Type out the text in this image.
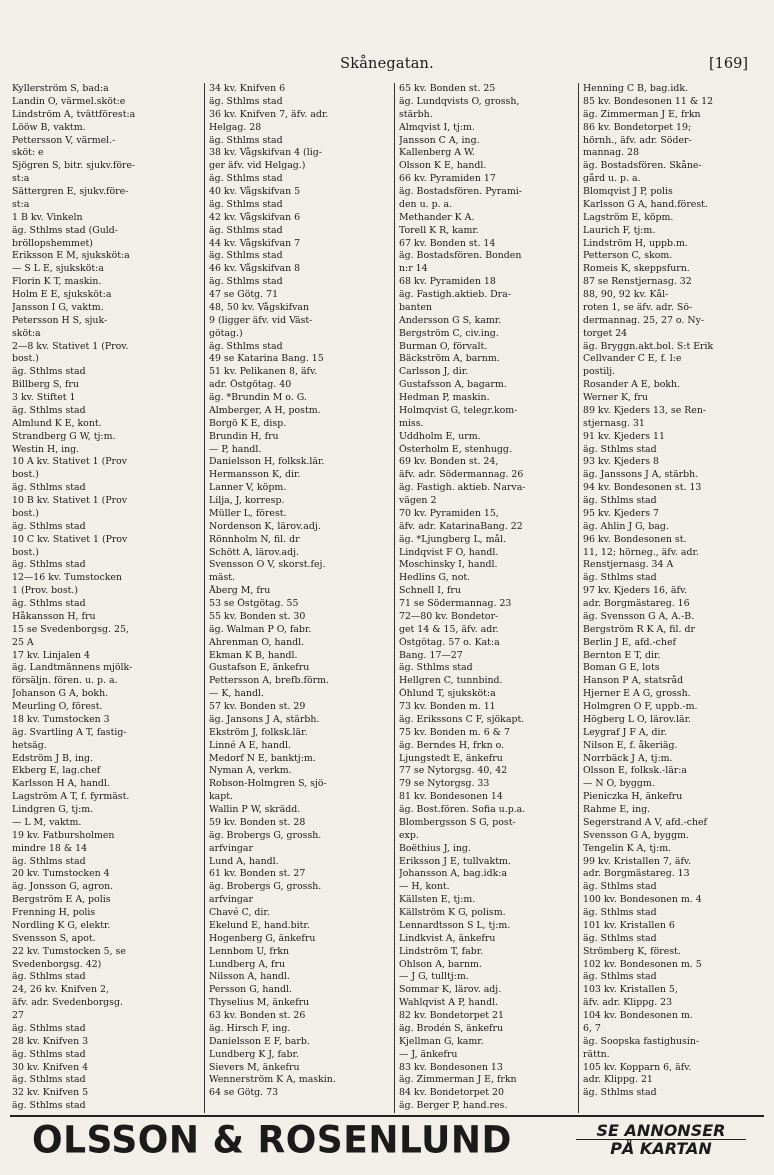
Skånegatan.	[169]
Kyllerström S, bad:a
Landin O, värmel.sköt:e
Lindström A, tvättförest:a
Lööw B, vaktm.
Pettersson V, värmel.-
sköt: e
Sjögren S, bitr. sjukv.före-
st:a
Sättergren E, sjukv.före-
st:a
1 B kv. Vinkeln
äg. Sthlms stad (Guld-
bröllopshemmet)
Eriksson E M, sjuksköt:a
— S L E, sjuksköt:a
Florin K T, maskin.
Holm E E, sjuksköt:a
Jansson I G, vaktm.
Petersson H S, sjuk-
sköt:a
2—8 kv. Stativet 1 (Prov.
bost.)
äg. Sthlms stad
Billberg S, fru
3 kv. Stiftet 1
äg. Sthlms stad
Almlund K E, kont.
Strandberg G W, tj:m.
Westin H, ing.
10 A kv. Stativet 1 (Prov
bost.)
äg. Sthlms stad
10 B kv. Stativet 1 (Prov
bost.)
äg. Sthlms stad
10 C kv. Stativet 1 (Prov
bost.)
äg. Sthlms stad
12—16 kv. Tumstocken
1 (Prov. bost.)
äg. Sthlms stad
Håkansson H, fru
15 se Svedenborgsg. 25,
25 A
17 kv. Linjalen 4
äg. Landtmännens mjölk-
försäljn. fören. u. p. a.
Johanson G A, bokh.
Meurling O, förest.
18 kv. Tumstocken 3
äg. Svartling A T, fastig-
hetsäg.
Edström J B, ing.
Ekberg E, lag.chef
Karlsson H A, handl.
Lagström A T, f. fyrmäst.
Lindgren G, tj:m.
— L M, vaktm.
19 kv. Fatbursholmen
mindre 18 & 14
äg. Sthlms stad
20 kv. Tumstocken 4
äg. Jonsson G, agron.
Bergström E A, polis
Frenning H, polis
Nordling K G, elektr.
Svensson S, apot.
22 kv. Tumstocken 5, se
Svedenborgsg. 42)
äg. Sthlms stad
24, 26 kv. Knifven 2,
äfv. adr. Svedenborgsg.
27
äg. Sthlms stad
28 kv. Knifven 3
äg. Sthlms stad
30 kv. Knifven 4
äg. Sthlms stad
32 kv. Knifven 5
äg. Sthlms stad
34 kv. Knifven 6
äg. Sthlms stad
36 kv. Knifven 7, äfv. adr.
Helgag. 28
äg. Sthlms stad
38 kv. Vågskifvan 4 (lig-
ger äfv. vid Helgag.)
äg. Sthlms stad
40 kv. Vågskifvan 5
äg. Sthlms stad
42 kv. Vågskifvan 6
äg. Sthlms stad
44 kv. Vågskifvan 7
äg. Sthlms stad
46 kv. Vågskifvan 8
äg. Sthlms stad
47 se Götg. 71
48, 50 kv. Vågskifvan
9 (ligger äfv. vid Väst-
götag.)
äg. Sthlms stad
49 se Katarina Bang. 15
51 kv. Pelikanen 8, äfv.
adr. Östgötag. 40
äg. *Brundin M o. G.
Almberger, A H, postm.
Borgö K E, disp.
Brundin H, fru
— P, handl.
Danielsson H, folksk.lär.
Hermansson K, dir.
Lanner V, köpm.
Lilja, J, korresp.
Müller L, förest.
Nordenson K, lärov.adj.
Rönnholm N, fil. dr
Schött A, lärov.adj.
Svensson O V, skorst.fej.
mäst.
Åberg M, fru
53 se Östgötag. 55
55 kv. Bonden st. 30
äg. Walman P O, fabr.
Ahrenman O, handl.
Ekman K B, handl.
Gustafson E, änkefru
Pettersson A, brefb.förm.
— K, handl.
57 kv. Bonden st. 29
äg. Jansons J A, stärbh.
Ekström J, folksk.lär.
Linné A E, handl.
Medorf N E, banktj:m.
Nyman A, verkm.
Robson-Holmgren S, sjö-
kapt.
Wallin P W, skrädd.
59 kv. Bonden st. 28
äg. Brobergs G, grossh.
arfvingar
Lund A, handl.
61 kv. Bonden st. 27
äg. Brobergs G, grossh.
arfvingar
Chavé C, dir.
Ekelund E, hand.bitr.
Hogenberg G, änkefru
Lennbom U, frkn
Lundberg A, fru
Nilsson A, handl.
Persson G, handl.
Thyselius M, änkefru
63 kv. Bonden st. 26
äg. Hirsch F, ing.
Danielsson E F, barb.
Lundberg K J, fabr.
Sievers M, änkefru
Wennerström K A, maskin.
64 se Götg. 73
65 kv. Bonden st. 25
äg. Lundqvists O, grossh,
stärbh.
Almqvist I, tj:m.
Jansson C A, ing.
Kallenberg A W.
Olsson K E, handl.
66 kv. Pyramiden 17
äg. Bostadsfören. Pyrami-
den u. p. a.
Methander K A.
Torell K R, kamr.
67 kv. Bonden st. 14
äg. Bostadsfören. Bonden
n:r 14
68 kv. Pyramiden 18
äg. Fastigh.aktieb. Dra-
banten
Andersson G S, kamr.
Bergström C, civ.ing.
Burman O, förvalt.
Bäckström A, barnm.
Carlsson J, dir.
Gustafsson A, bagarm.
Hedman P, maskin.
Holmqvist G, telegr.kom-
miss.
Uddholm E, urm.
Österholm E, stenhugg.
69 kv. Bonden st. 24,
äfv. adr. Södermannag. 26
äg. Fastigh. aktieb. Narva-
vägen 2
70 kv. Pyramiden 15,
äfv. adr. KatarinaBang. 22
äg. *Ljungberg L, mål.
Lindqvist F O, handl.
Moschinsky I, handl.
Hedlins G, not.
Schnell I, fru
71 se Södermannag. 23
72—80 kv. Bondetor-
get 14 & 15, äfv. adr.
Östgötag. 57 o. Kat:a
Bang. 17—27
äg. Sthlms stad
Hellgren C, tunnbind.
Öhlund T, sjuksköt:a
73 kv. Bonden m. 11
äg. Erikssons C F, sjökapt.
75 kv. Bonden m. 6 & 7
äg. Berndes H, frkn o.
Ljungstedt E, änkefru
77 se Nytorgsg. 40, 42
79 se Nytorgsg. 33
81 kv. Bondesonen 14
äg. Bost.fören. Sofia u.p.a.
Blombergsson S G, post-
exp.
Boëthius J, ing.
Eriksson J E, tullvaktm.
Johansson A, bag.idk:a
— H, kont.
Källsten E, tj:m.
Källström K G, polism.
Lennardtsson S L, tj:m.
Lindkvist A, änkefru
Lindström T, fabr.
Ohlson A, barnm.
— J G, tulltj:m.
Sommar K, lärov. adj.
Wahlqvist A P, handl.
82 kv. Bondetorpet 21
äg. Brodén S, änkefru
Kjellman G, kamr.
— J, änkefru
83 kv. Bondesonen 13
äg. Zimmerman J E, frkn
84 kv. Bondetorpet 20
äg. Berger P, hand.res.
Henning C B, bag.idk.
85 kv. Bondesonen 11 & 12
äg. Zimmerman J E, frkn
86 kv. Bondetorpet 19;
hörnh., äfv. adr. Söder-
mannag. 28
äg. Bostadsfören. Skåne-
gård u. p. a.
Blomqvist J P, polis
Karlsson G A, hand.förest.
Lagström E, köpm.
Laurich F, tj:m.
Lindström H, uppb.m.
Petterson C, skom.
Romeis K, skeppsfurn.
87 se Renstjernasg. 32
88, 90, 92 kv. Kål-
roten 1, se äfv. adr. Sö-
dermannag. 25, 27 o. Ny-
torget 24
äg. Bryggn.akt.bol. S:t Erik
Cellvander C E, f. l:e
postilj.
Rosander A E, bokh.
Werner K, fru
89 kv. Kjeders 13, se Ren-
stjernasg. 31
91 kv. Kjeders 11
äg. Sthlms stad
93 kv. Kjeders 8
äg. Janssons J A, stärbh.
94 kv. Bondesonen st. 13
äg. Sthlms stad
95 kv. Kjeders 7
äg. Ahlin J G, bag.
96 kv. Bondesonen st.
11, 12; hörneg., äfv. adr.
Renstjernasg. 34 A
äg. Sthlms stad
97 kv. Kjeders 16, äfv.
adr. Borgmästareg. 16
äg. Svensson G A, A.-B.
Bergström R K A, fil. dr
Berlin J E, afd.-chef
Bernton E T, dir.
Boman G E, lots
Hanson P A, statsråd
Hjerner E A G, grossh.
Holmgren O F, uppb.-m.
Högberg L O, lärov.lär.
Leygraf J F A, dir.
Nilson E, f. åkeriäg.
Norrbäck J A, tj:m.
Olsson E, folksk.-lär:a
— N O, byggm.
Pieniczka H, änkefru
Rahme E, ing.
Segerstrand A V, afd.-chef
Svensson G A, byggm.
Tengelin K A, tj:m.
99 kv. Kristallen 7, äfv.
adr. Borgmästareg. 13
äg. Sthlms stad
100 kv. Bondesonen m. 4
äg. Sthlms stad
101 kv. Kristallen 6
äg. Sthlms stad
Strömberg K, förest.
102 kv. Bondesonen m. 5
äg. Sthlms stad
103 kv. Kristallen 5,
äfv. adr. Klippg. 23
104 kv. Bondesonen m.
6, 7
äg. Soopska fastighusin-
rättn.
105 kv. Kopparn 6, äfv.
adr. Klippg. 21
äg. Sthlms stad
OLSSON & ROSENLUND	SE ANNONSER
PÅ KARTAN
